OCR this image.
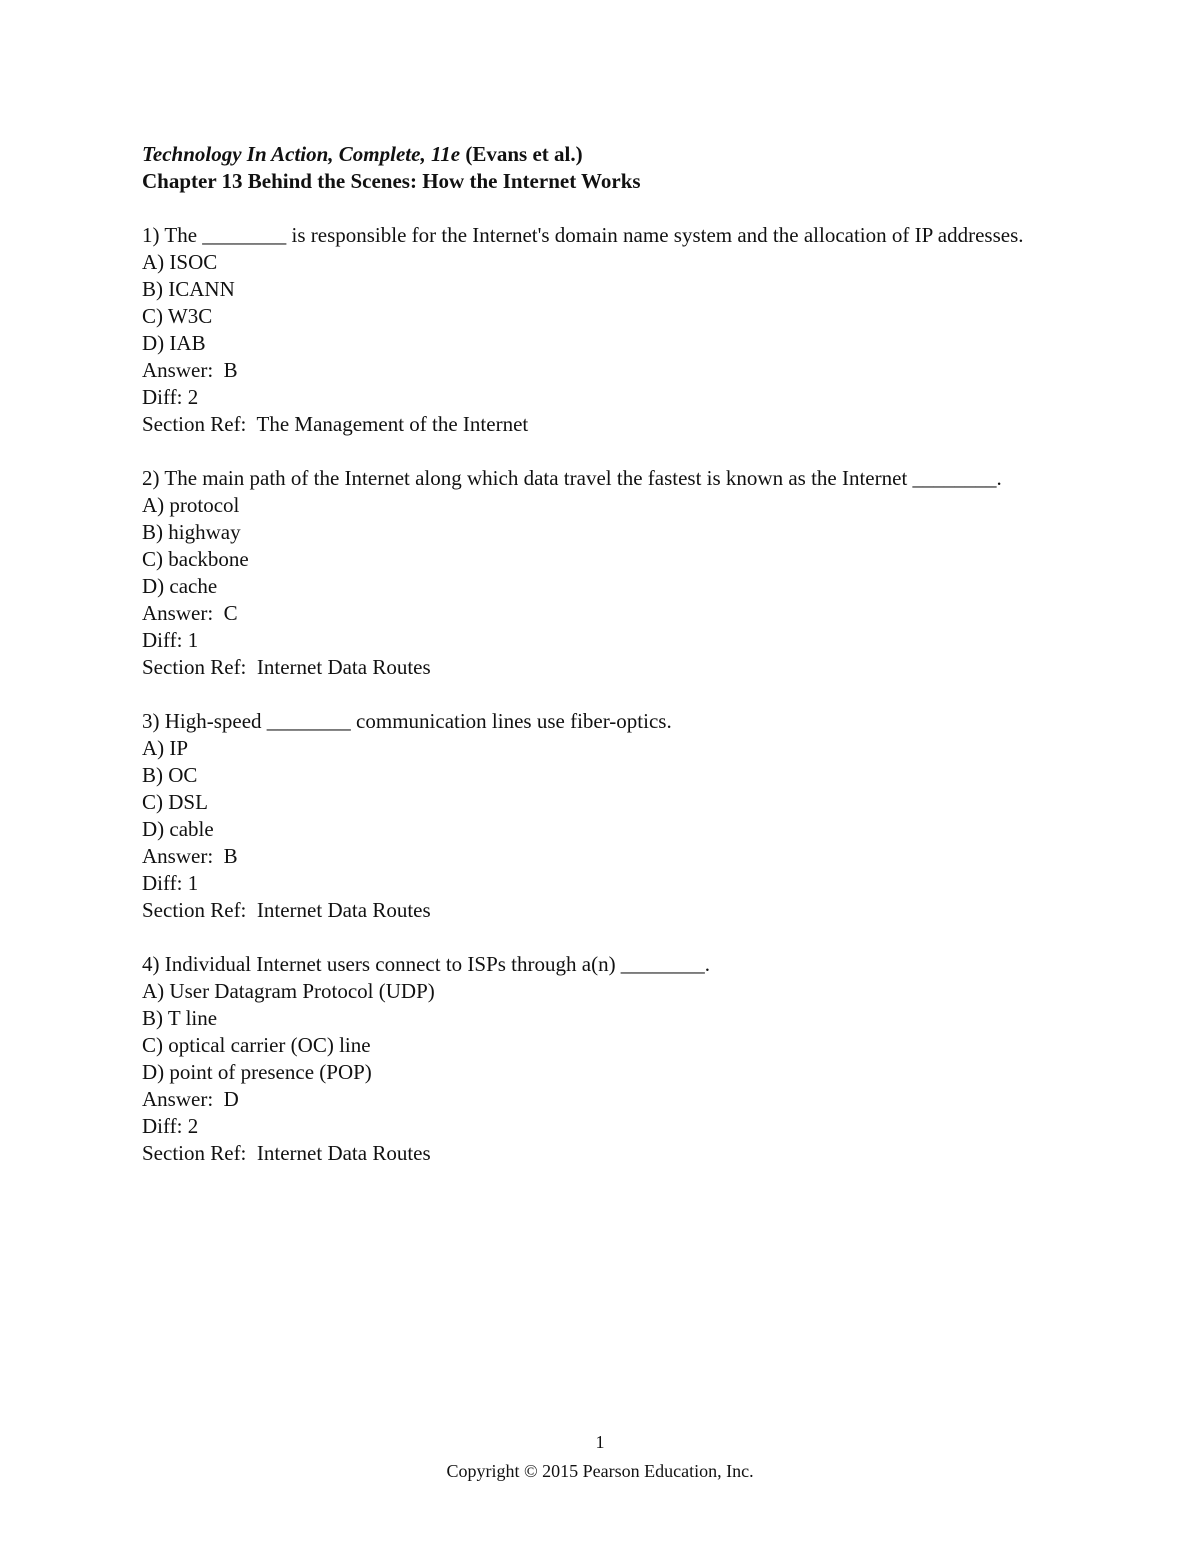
Technology In Action, Complete, 11e (Evans et al.)
Chapter 13 Behind the Scenes: How the Internet Works
1) The ________ is responsible for the Internet's domain name system and the allocation of IP addresses.
A) ISOC
B) ICANN
C) W3C
D) IAB
Answer:  B
Diff: 2
Section Ref:  The Management of the Internet
2) The main path of the Internet along which data travel the fastest is known as the Internet ________.
A) protocol
B) highway
C) backbone
D) cache
Answer:  C
Diff: 1
Section Ref:  Internet Data Routes
3) High-speed ________ communication lines use fiber-optics.
A) IP
B) OC
C) DSL
D) cable
Answer:  B
Diff: 1
Section Ref:  Internet Data Routes
4) Individual Internet users connect to ISPs through a(n) ________.
A) User Datagram Protocol (UDP)
B) T line
C) optical carrier (OC) line
D) point of presence (POP)
Answer:  D
Diff: 2
Section Ref:  Internet Data Routes
1
Copyright © 2015 Pearson Education, Inc.
